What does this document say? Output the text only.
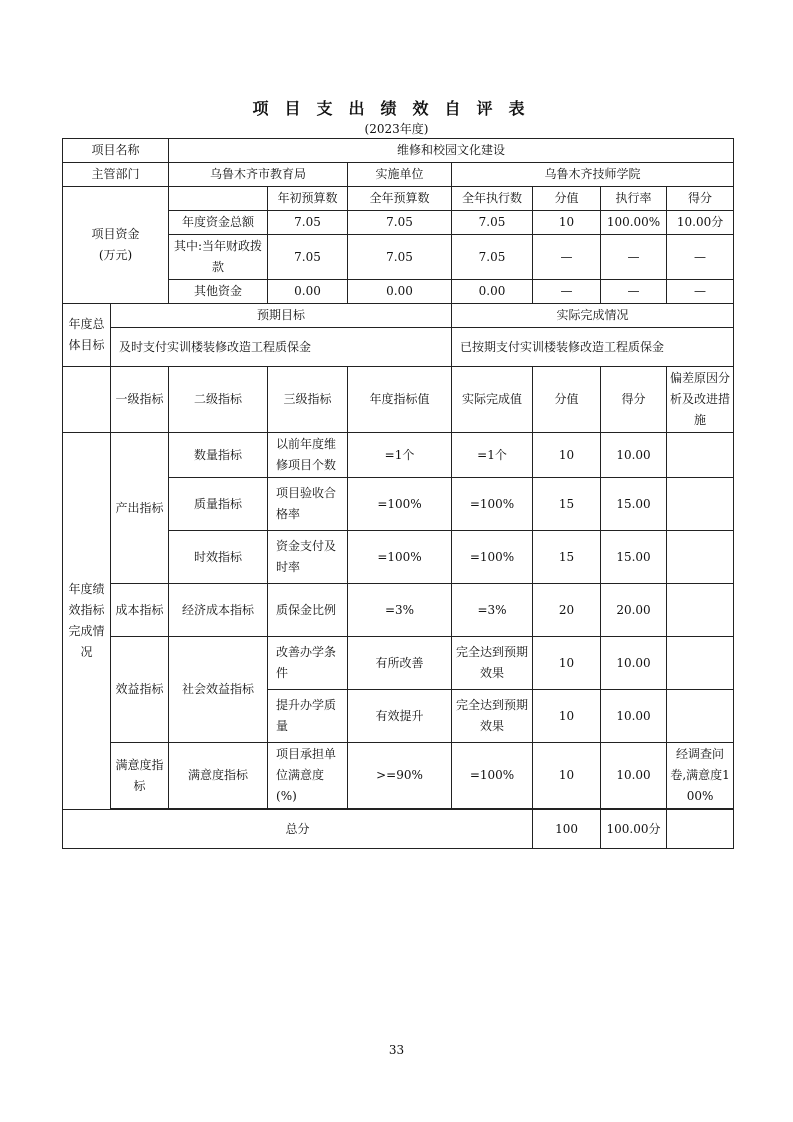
项目支出绩效自评表
(2023年度)
项目名称		维修和校园文化建设						
主管部门		乌鲁木齐市教育局		实施单位	乌鲁木齐技师学院			
项目资金
(万元)			年初预算数	全年预算数	全年执行数	分值	执行率	得分
		年度资金总额	7.05	7.05	7.05	10	100.00%	10.00分
		其中:当年财政拨款	7.05	7.05	7.05	—	—	—
		其他资金	0.00	0.00	0.00	—	—	—
年度总体目标	预期目标				实际完成情况			
	及时支付实训楼装修改造工程质保金				已按期支付实训楼装修改造工程质保金			
	一级指标	二级指标	三级指标	年度指标值	实际完成值	分值	得分	偏差原因分析及改进措施
年度绩效指标完成情况	产出指标	数量指标	以前年度维修项目个数	=1个	=1个	10	10.00	
		质量指标	项目验收合格率	=100%	=100%	15	15.00	
		时效指标	资金支付及时率	=100%	=100%	15	15.00	
	成本指标	经济成本指标	质保金比例	=3%	=3%	20	20.00	
	效益指标	社会效益指标	改善办学条件	有所改善	完全达到预期效果	10	10.00	
			提升办学质量	有效提升	完全达到预期效果	10	10.00	
	满意度指标	满意度指标	项目承担单位满意度(%)	>=90%	=100%	10	10.00	经调查问卷,满意度100%

总分						100	100.00分	
33
